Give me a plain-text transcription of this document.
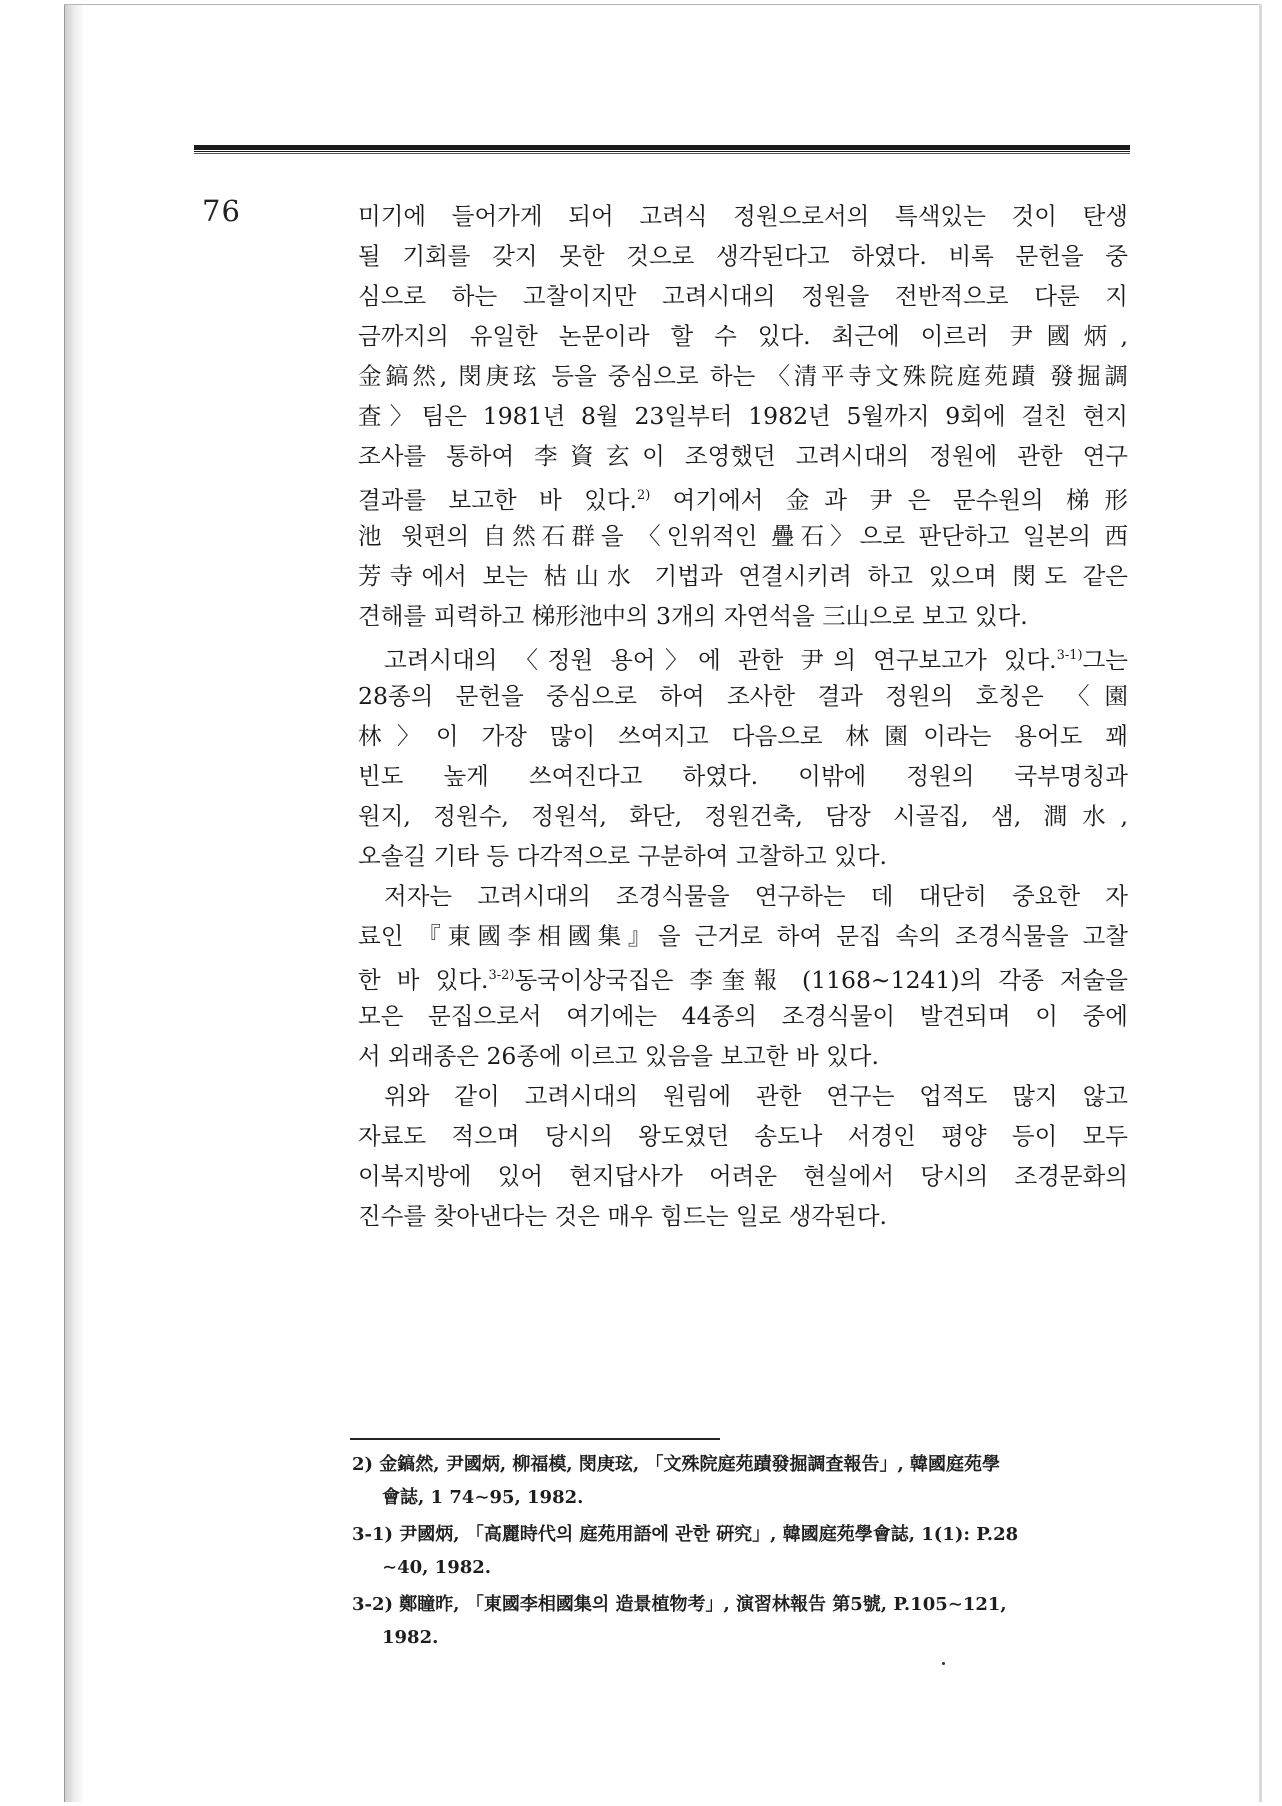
76	미기에 들어가게 되어 고려식 정원으로서의 특색있는 것이 탄생
될 기회를 갖지 못한 것으로 생각된다고 하였다. 비록 문헌을 중
심으로 하는 고찰이지만 고려시대의 정원을 전반적으로 다룬 지
금까지의 유일한 논문이라 할 수 있다. 최근에 이르러 尹國炳,
金鎬然, 閔庚玹 등을 중심으로 하는 〈清平寺文殊院庭苑蹟 發掘調
査〉팀은 1981년 8월 23일부터 1982년 5월까지 9회에 걸친 현지
조사를 통하여 李資玄이 조영했던 고려시대의 정원에 관한 연구
결과를 보고한 바 있다.$^{2)}$ 여기에서 金과 尹은 문수원의 梯形
池 윗편의 自然石群을 〈인위적인 疊石〉으로 판단하고 일본의 西
芳寺에서 보는 枯山水 기법과 연결시키려 하고 있으며 閔도 같은
견해를 피력하고 梯形池中의 3개의 자연석을 三山으로 보고 있다.
고려시대의 〈정원 용어〉에 관한 尹의 연구보고가 있다.$^{3-1)}$그는
28종의 문헌을 중심으로 하여 조사한 결과 정원의 호칭은 〈園
林〉이 가장 많이 쓰여지고 다음으로 林園이라는 용어도 꽤
빈도 높게 쓰여진다고 하였다. 이밖에 정원의 국부명칭과
원지, 정원수, 정원석, 화단, 정원건축, 담장 시골집, 샘, 澗水,
오솔길 기타 등 다각적으로 구분하여 고찰하고 있다.
저자는 고려시대의 조경식물을 연구하는 데 대단히 중요한 자
료인 『東國李相國集』을 근거로 하여 문집 속의 조경식물을 고찰
한 바 있다.$^{3-2)}$동국이상국집은 李奎報 (1168∼1241)의 각종 저술을
모은 문집으로서 여기에는 44종의 조경식물이 발견되며 이 중에
서 외래종은 26종에 이르고 있음을 보고한 바 있다.
위와 같이 고려시대의 원림에 관한 연구는 업적도 많지 않고
자료도 적으며 당시의 왕도였던 송도나 서경인 평양 등이 모두
이북지방에 있어 현지답사가 어려운 현실에서 당시의 조경문화의
진수를 찾아낸다는 것은 매우 힘드는 일로 생각된다.
2) 金鎬然, 尹國炳, 柳福模, 閔庚玹, 「文殊院庭苑蹟發掘調査報告」, 韓國庭苑學
會誌, 1 74∼95, 1982.
3-1) 尹國炳, 「高麗時代의 庭苑用語에 관한 硏究」, 韓國庭苑學會誌, 1(1): P.28
∼40, 1982.
3-2) 鄭瞳昨, 「東國李相國集의 造景植物考」, 演習林報告 第5號, P.105∼121,
1982.
